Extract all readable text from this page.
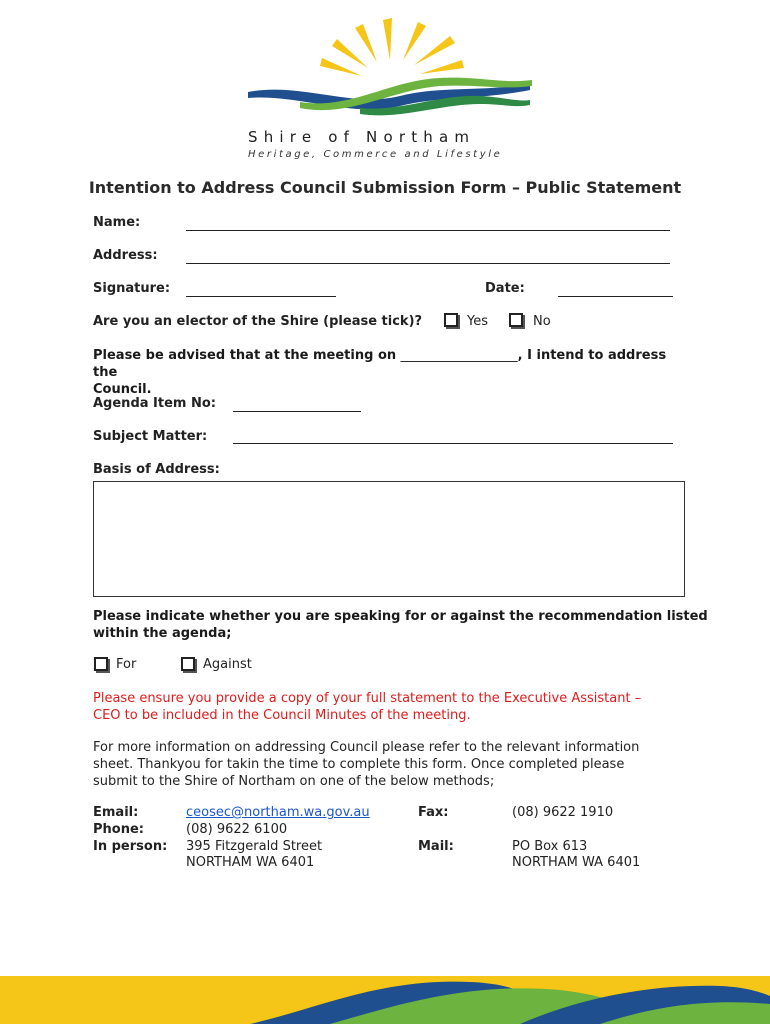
Shire of Northam
Heritage, Commerce and Lifestyle
Intention to Address Council Submission Form – Public Statement
Name:
Address:
Signature:	Date:
Are you an elector of the Shire (please tick)?	Yes	No
Please be advised that at the meeting on __________________, I intend to address the
Council.
Agenda Item No:
Subject Matter:
Basis of Address:
Please indicate whether you are speaking for or against the recommendation listed
within the agenda;
For	Against
Please ensure you provide a copy of your full statement to the Executive Assistant –
CEO to be included in the Council Minutes of the meeting.
For more information on addressing Council please refer to the relevant information
sheet. Thankyou for takin the time to complete this form. Once completed please
submit to the Shire of Northam on one of the below methods;
Email:	ceosec@northam.wa.gov.au
Phone:	(08) 9622 6100
In person: 395 Fitzgerald Street
NORTHAM WA 6401
Fax:	(08) 9622 1910
Mail:	PO Box 613
NORTHAM WA 6401
